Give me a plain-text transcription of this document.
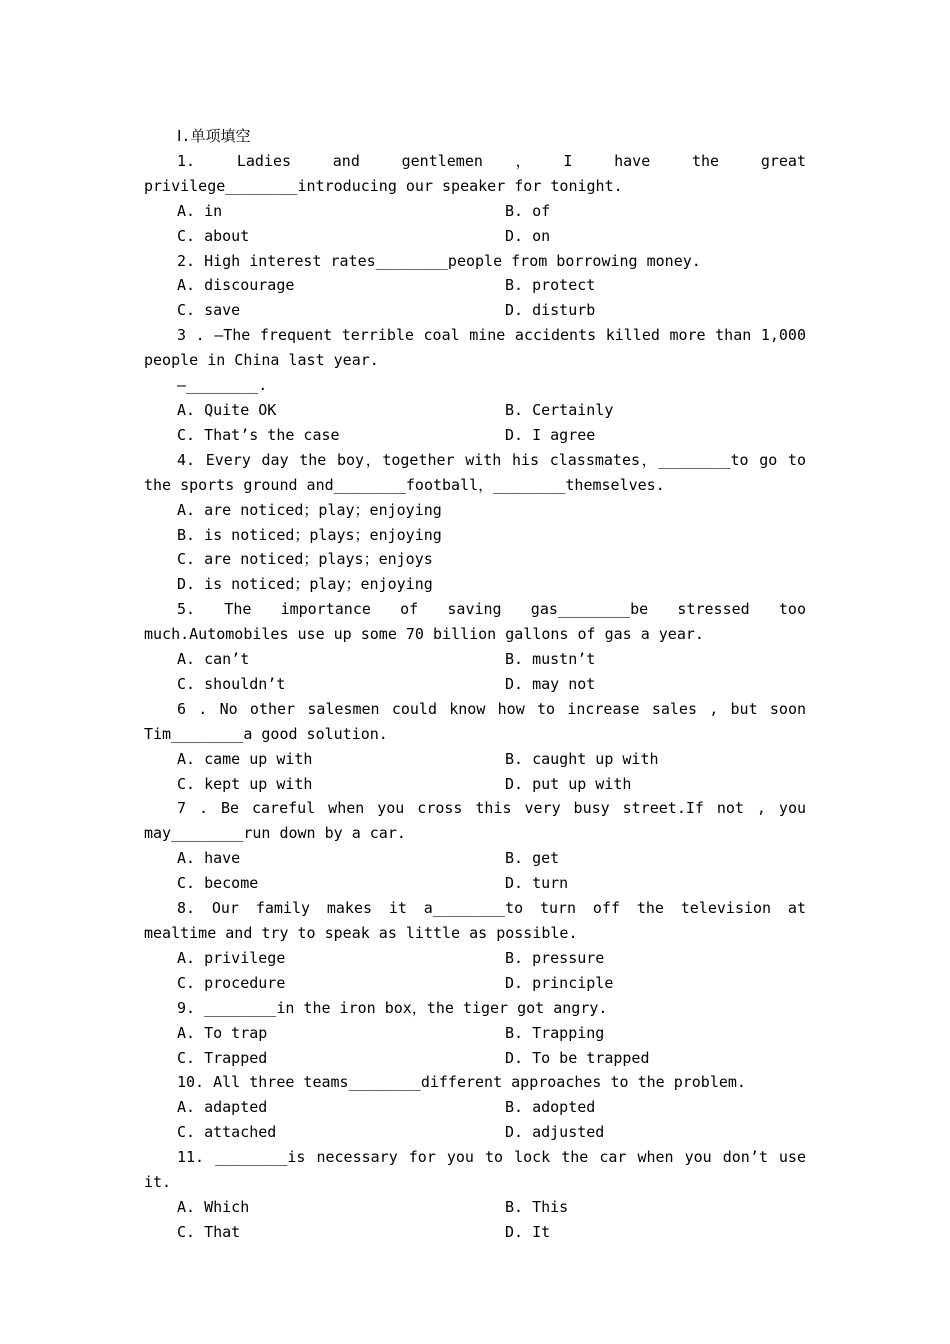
Ⅰ.单项填空
1. Ladies and gentlemen，I have the great privilege________introducing our speaker for tonight.
A. in	B. of
C. about	D. on
2. High interest rates________people from borrowing money.
A. discourage	B. protect
C. save	D. disturb
3 . —The frequent terrible coal mine accidents killed more than 1,000 people in China last year.
—________.
A. Quite OK	B. Certainly
C. That’s the case	D. I agree
4. Every day the boy，together with his classmates，________to go to the sports ground and________football，________themselves.
A. are noticed；play；enjoying
B. is noticed；plays；enjoying
C. are noticed；plays；enjoys
D. is noticed；play；enjoying
5. The importance of saving gas________be stressed too much.Automobiles use up some 70 billion gallons of gas a year.
A. can’t	B. mustn’t
C. shouldn’t	D. may not
6 . No other salesmen could know how to increase sales , but soon Tim________a good solution.
A. came up with	B. caught up with
C. kept up with	D. put up with
7 . Be careful when you cross this very busy street.If not , you may________run down by a car.
A. have	B. get
C. become	D. turn
8. Our family makes it a________to turn off the television at mealtime and try to speak as little as possible.
A. privilege	B. pressure
C. procedure	D. principle
9. ________in the iron box，the tiger got angry.
A. To trap	B. Trapping
C. Trapped	D. To be trapped
10. All three teams________different approaches to the problem.
A. adapted	B. adopted
C. attached	D. adjusted
11. ________is necessary for you to lock the car when you don’t use it.
A. Which	B. This
C. That	D. It
